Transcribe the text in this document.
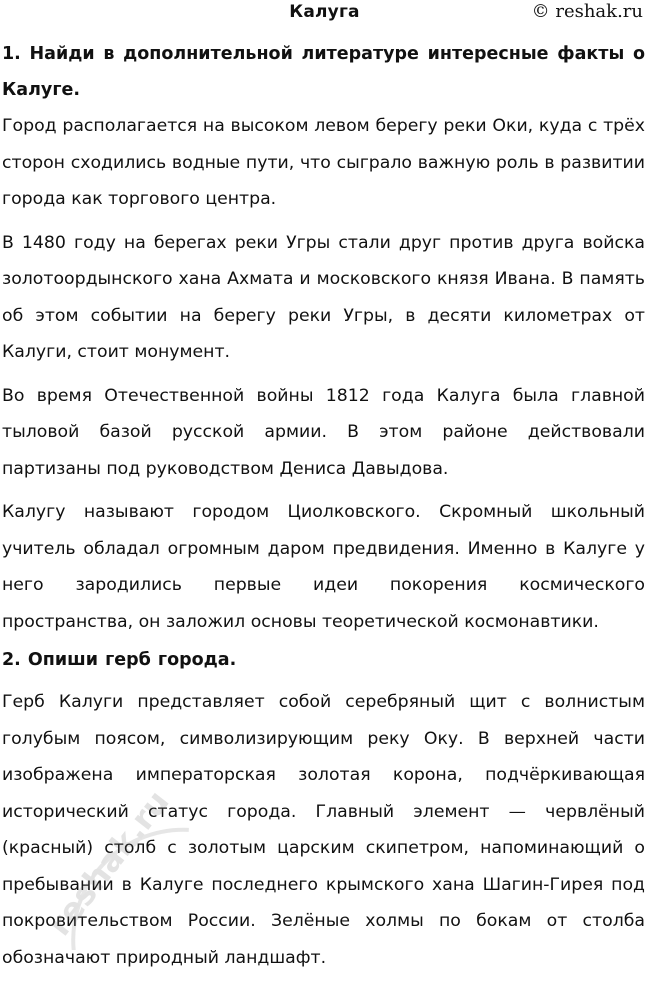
Калуга	© reshak.ru

1. Найди в дополнительной литературе интересные факты о Калуге.

Город располагается на высоком левом берегу реки Оки, куда с трёх сторон сходились водные пути, что сыграло важную роль в развитии города как торгового центра.

В 1480 году на берегах реки Угры стали друг против друга войска золотоордынского хана Ахмата и московского князя Ивана. В память об этом событии на берегу реки Угры, в десяти километрах от Калуги, стоит монумент.

Во время Отечественной войны 1812 года Калуга была главной тыловой базой русской армии. В этом районе действовали партизаны под руководством Дениса Давыдова.

Калугу называют городом Циолковского. Скромный школьный учитель обладал огромным даром предвидения. Именно в Калуге у него зародились первые идеи покорения космического пространства, он заложил основы теоретической космонавтики.

2. Опиши герб города.

Герб Калуги представляет собой серебряный щит с волнистым голубым поясом, символизирующим реку Оку. В верхней части изображена императорская золотая корона, подчёркивающая исторический статус города. Главный элемент — червлёный (красный) столб с золотым царским скипетром, напоминающий о пребывании в Калуге последнего крымского хана Шагин-Гирея под покровительством России. Зелёные холмы по бокам от столба обозначают природный ландшафт.

reshak.ru
